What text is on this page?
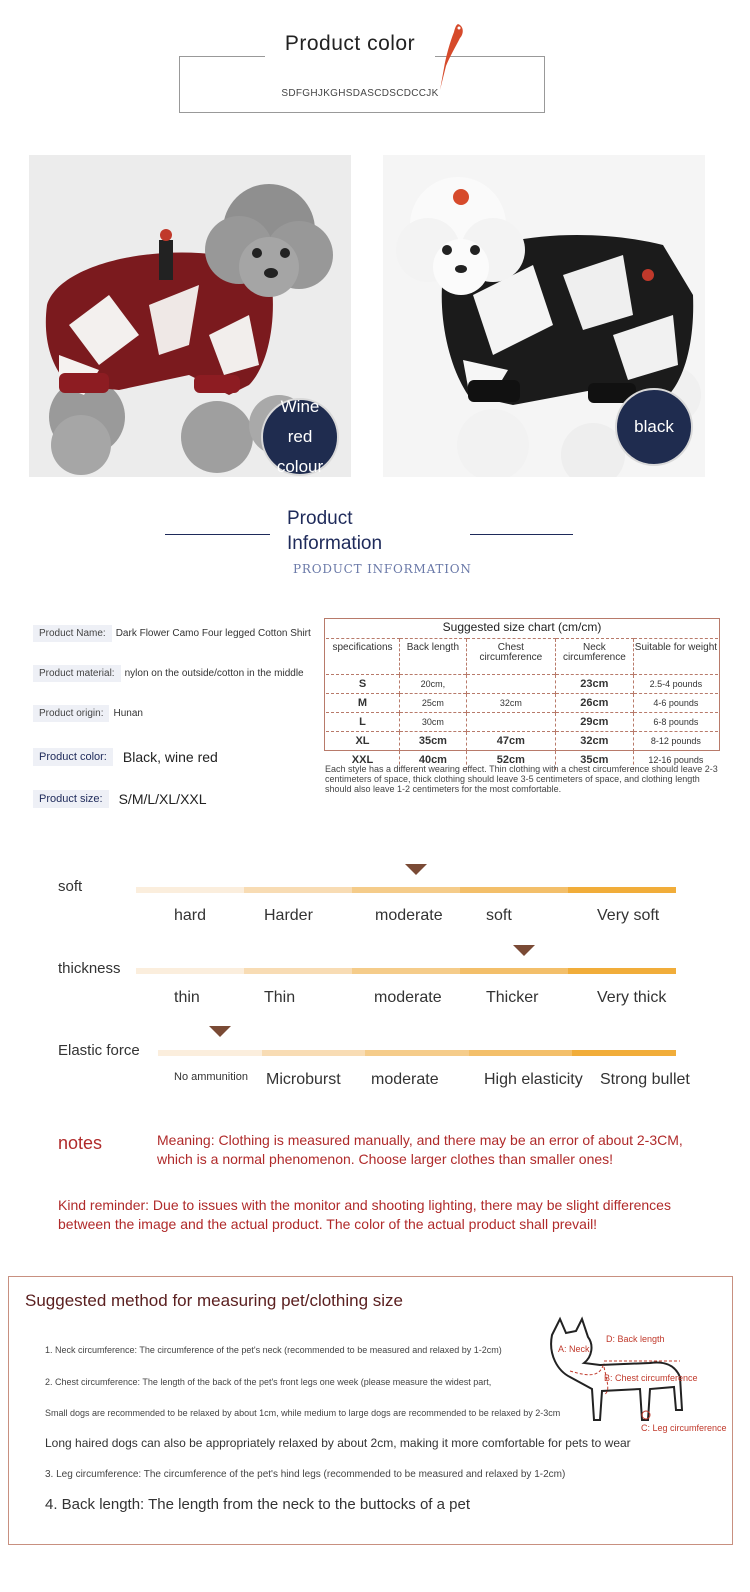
Product color
SDFGHJKGHSDASCDSCDCCJK
Wine red colour
black
Product Information
PRODUCT INFORMATION
Product Name:	Dark Flower Camo Four legged Cotton Shirt
Product material:	nylon on the outside/cotton in the middle
Product origin:	Hunan
Product color:	Black, wine red
Product size:	S/M/L/XL/XXL
Suggested size chart (cm/cm)
specifications	Back length	Chest circumference	Neck circumference	Suitable for weight
S	20cm,		23cm	2.5-4 pounds
M	25cm	32cm	26cm	4-6 pounds
L	30cm		29cm	6-8 pounds
XL	35cm	47cm	32cm	8-12 pounds
XXL	40cm	52cm	35cm	12-16 pounds
Each style has a different wearing effect. Thin clothing with a chest circumference should leave 2-3 centimeters of space, thick clothing should leave 3-5 centimeters of space, and clothing length should also leave 1-2 centimeters for the most comfortable.
soft
hard	Harder	moderate	soft	Very soft
thickness
thin	Thin	moderate	Thicker	Very thick
Elastic force
No ammunition Microburst moderate	High elasticity Strong bullet
notes	Meaning: Clothing is measured manually, and there may be an error of about 2-3CM, which is a normal phenomenon. Choose larger clothes than smaller ones!
Kind reminder: Due to issues with the monitor and shooting lighting, there may be slight differences between the image and the actual product. The color of the actual product shall prevail!
Suggested method for measuring pet/clothing size
1. Neck circumference: The circumference of the pet's neck (recommended to be measured and relaxed by 1-2cm)
2. Chest circumference: The length of the back of the pet's front legs one week (please measure the widest part,
Small dogs are recommended to be relaxed by about 1cm, while medium to large dogs are recommended to be relaxed by 2-3cm
Long haired dogs can also be appropriately relaxed by about 2cm, making it more comfortable for pets to wear
3. Leg circumference: The circumference of the pet's hind legs (recommended to be measured and relaxed by 1-2cm)
4. Back length: The length from the neck to the buttocks of a pet
A: Neck
D: Back length
B: Chest circumference
C: Leg circumference
